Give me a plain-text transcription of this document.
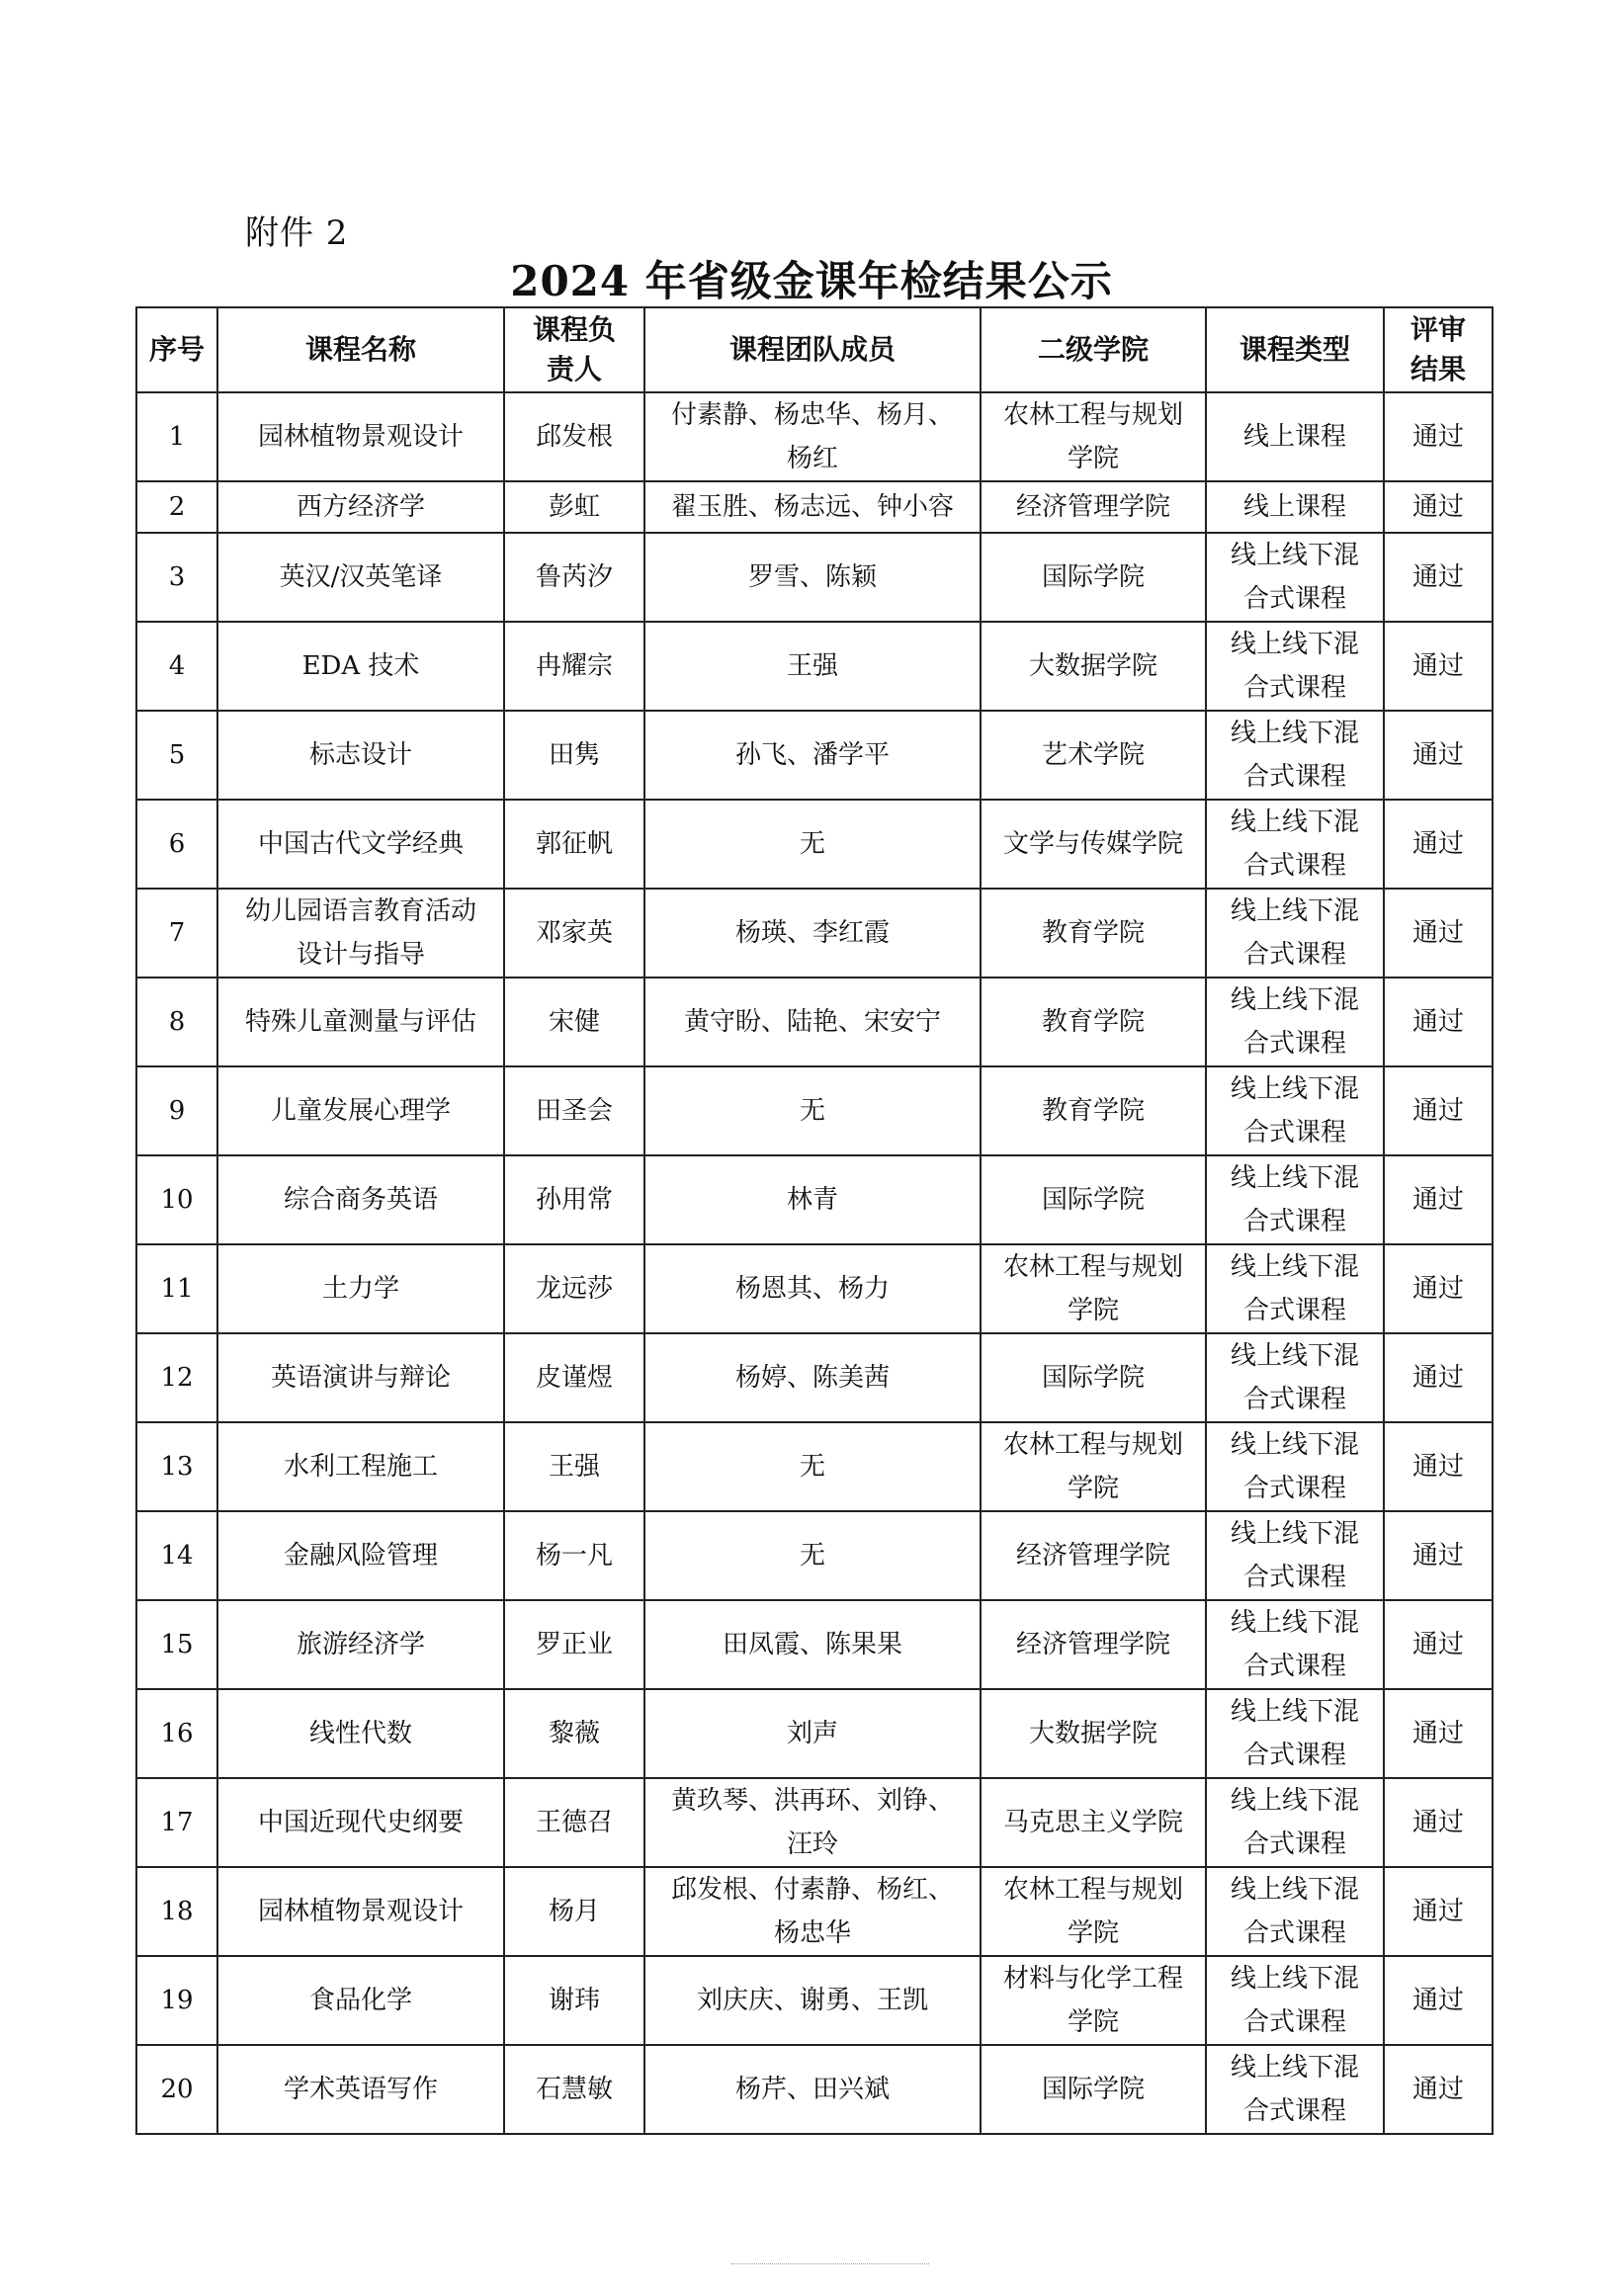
附件 2
2024 年省级金课年检结果公示
序号	课程名称	课程负
责人	课程团队成员	二级学院	课程类型	评审
结果
1	园林植物景观设计	邱发根	付素静、杨忠华、杨月、
杨红	农林工程与规划
学院	线上课程	通过
2	西方经济学	彭虹	翟玉胜、杨志远、钟小容	经济管理学院	线上课程	通过
3	英汉/汉英笔译	鲁芮汐	罗雪、陈颖	国际学院	线上线下混
合式课程	通过
4	EDA 技术	冉耀宗	王强	大数据学院	线上线下混
合式课程	通过
5	标志设计	田隽	孙飞、潘学平	艺术学院	线上线下混
合式课程	通过
6	中国古代文学经典	郭征帆	无	文学与传媒学院	线上线下混
合式课程	通过
7	幼儿园语言教育活动
设计与指导	邓家英	杨瑛、李红霞	教育学院	线上线下混
合式课程	通过
8	特殊儿童测量与评估	宋健	黄守盼、陆艳、宋安宁	教育学院	线上线下混
合式课程	通过
9	儿童发展心理学	田圣会	无	教育学院	线上线下混
合式课程	通过
10	综合商务英语	孙用常	林青	国际学院	线上线下混
合式课程	通过
11	土力学	龙远莎	杨恩其、杨力	农林工程与规划
学院	线上线下混
合式课程	通过
12	英语演讲与辩论	皮谨煜	杨婷、陈美茜	国际学院	线上线下混
合式课程	通过
13	水利工程施工	王强	无	农林工程与规划
学院	线上线下混
合式课程	通过
14	金融风险管理	杨一凡	无	经济管理学院	线上线下混
合式课程	通过
15	旅游经济学	罗正业	田凤霞、陈果果	经济管理学院	线上线下混
合式课程	通过
16	线性代数	黎薇	刘声	大数据学院	线上线下混
合式课程	通过
17	中国近现代史纲要	王德召	黄玖琴、洪再环、刘铮、
汪玲	马克思主义学院	线上线下混
合式课程	通过
18	园林植物景观设计	杨月	邱发根、付素静、杨红、
杨忠华	农林工程与规划
学院	线上线下混
合式课程	通过
19	食品化学	谢玮	刘庆庆、谢勇、王凯	材料与化学工程
学院	线上线下混
合式课程	通过
20	学术英语写作	石慧敏	杨芹、田兴斌	国际学院	线上线下混
合式课程	通过
